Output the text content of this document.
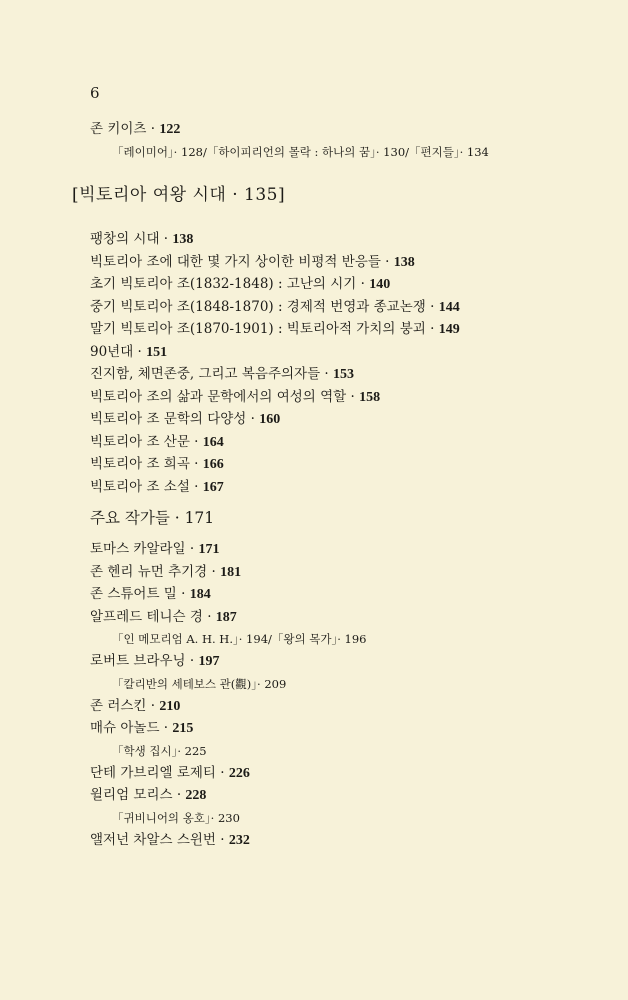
6
존 키이츠 · 122
「레이미어」· 128/「하이피리언의 몰락 : 하나의 꿈」· 130/「편지들」· 134
[빅토리아 여왕 시대 · 135]
팽창의 시대 · 138
빅토리아 조에 대한 몇 가지 상이한 비평적 반응들 · 138
초기 빅토리아 조(1832-1848) : 고난의 시기 · 140
중기 빅토리아 조(1848-1870) : 경제적 번영과 종교논쟁 · 144
말기 빅토리아 조(1870-1901) : 빅토리아적 가치의 붕괴 · 149
90년대 · 151
진지함, 체면존중, 그리고 복음주의자들 · 153
빅토리아 조의 삶과 문학에서의 여성의 역할 · 158
빅토리아 조 문학의 다양성 · 160
빅토리아 조 산문 · 164
빅토리아 조 희곡 · 166
빅토리아 조 소설 · 167
주요 작가들 · 171
토마스 카알라일 · 171
존 헨리 뉴먼 추기경 · 181
존 스튜어트 밀 · 184
알프레드 테니슨 경 · 187
「인 메모리엄 A. H. H.」· 194/「왕의 목가」· 196
로버트 브라우닝 · 197
「칼리반의 세테보스 관(觀)」· 209
존 러스킨 · 210
매슈 아놀드 · 215
「학생 집시」· 225
단테 가브리엘 로제티 · 226
윌리엄 모리스 · 228
「귀비니어의 옹호」· 230
앨저넌 차알스 스윈번 · 232
